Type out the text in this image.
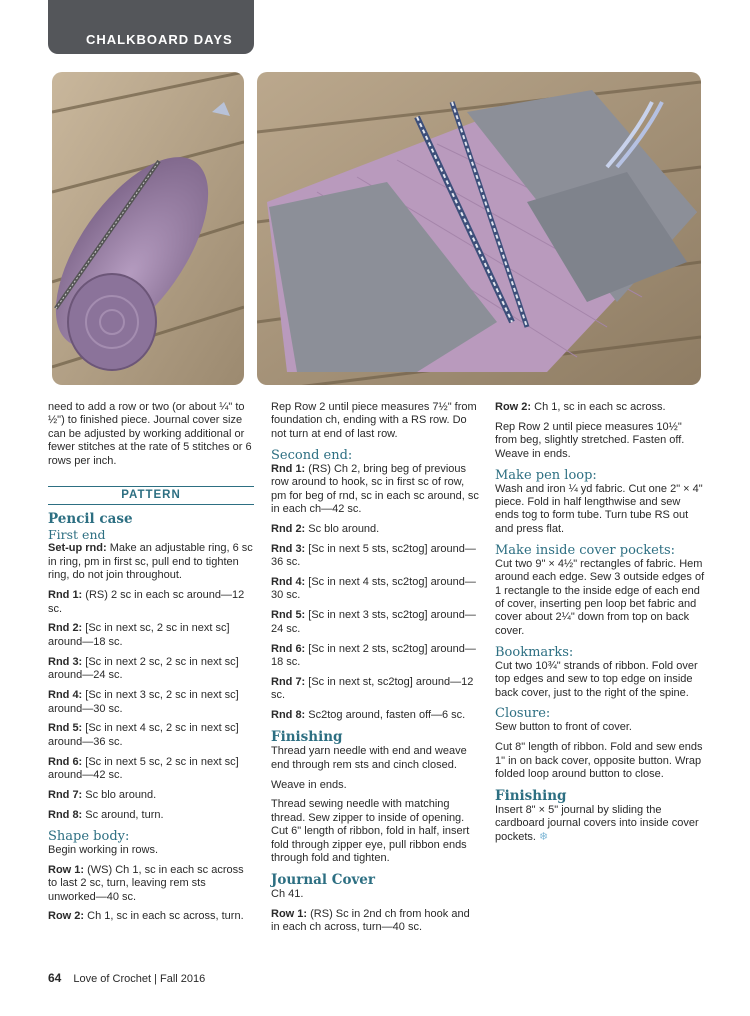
CHALKBOARD DAYS

need to add a row or two (or about ¼" to ½") to finished piece. Journal cover size can be adjusted by working additional or fewer stitches at the rate of 5 stitches or 6 rows per inch.

PATTERN
Pencil case
First end

Set-up rnd: Make an adjustable ring, 6 sc in ring, pm in first sc, pull end to tighten ring, do not join throughout.

Rnd 1: (RS) 2 sc in each sc around—12 sc.

Rnd 2: [Sc in next sc, 2 sc in next sc] around—18 sc.

Rnd 3: [Sc in next 2 sc, 2 sc in next sc] around—24 sc.

Rnd 4: [Sc in next 3 sc, 2 sc in next sc] around—30 sc.

Rnd 5: [Sc in next 4 sc, 2 sc in next sc] around—36 sc.

Rnd 6: [Sc in next 5 sc, 2 sc in next sc] around—42 sc.

Rnd 7: Sc blo around.

Rnd 8: Sc around, turn.

Shape body:

Begin working in rows.

Row 1: (WS) Ch 1, sc in each sc across to last 2 sc, turn, leaving rem sts unworked—40 sc.

Row 2: Ch 1, sc in each sc across, turn.

Rep Row 2 until piece measures 7½" from foundation ch, ending with a RS row. Do not turn at end of last row.

Second end:

Rnd 1: (RS) Ch 2, bring beg of previous row around to hook, sc in first sc of row, pm for beg of rnd, sc in each sc around, sc in each ch—42 sc.

Rnd 2: Sc blo around.

Rnd 3: [Sc in next 5 sts, sc2tog] around—36 sc.

Rnd 4: [Sc in next 4 sts, sc2tog] around—30 sc.

Rnd 5: [Sc in next 3 sts, sc2tog] around—24 sc.

Rnd 6: [Sc in next 2 sts, sc2tog] around—18 sc.

Rnd 7: [Sc in next st, sc2tog] around—12 sc.

Rnd 8: Sc2tog around, fasten off—6 sc.

Finishing

Thread yarn needle with end and weave end through rem sts and cinch closed.

Weave in ends.

Thread sewing needle with matching thread. Sew zipper to inside of opening. Cut 6" length of ribbon, fold in half, insert fold through zipper eye, pull ribbon ends through fold and tighten.

Journal Cover

Ch 41.

Row 1: (RS) Sc in 2nd ch from hook and in each ch across, turn—40 sc.

Row 2: Ch 1, sc in each sc across.

Rep Row 2 until piece measures 10½" from beg, slightly stretched. Fasten off. Weave in ends.

Make pen loop:

Wash and iron ¼ yd fabric. Cut one 2" × 4" piece. Fold in half lengthwise and sew ends tog to form tube. Turn tube RS out and press flat.

Make inside cover pockets:

Cut two 9" × 4½" rectangles of fabric. Hem around each edge. Sew 3 outside edges of 1 rectangle to the inside edge of each end of cover, inserting pen loop bet fabric and cover about 2¼" down from top on back cover.

Bookmarks:

Cut two 10¾" strands of ribbon. Fold over top edges and sew to top edge on inside back cover, just to the right of the spine.

Closure:

Sew button to front of cover.

Cut 8" length of ribbon. Fold and sew ends 1" in on back cover, opposite button. Wrap folded loop around button to close.

Finishing

Insert 8" × 5" journal by sliding the cardboard journal covers into inside cover pockets. ❄

64 Love of Crochet | Fall 2016
